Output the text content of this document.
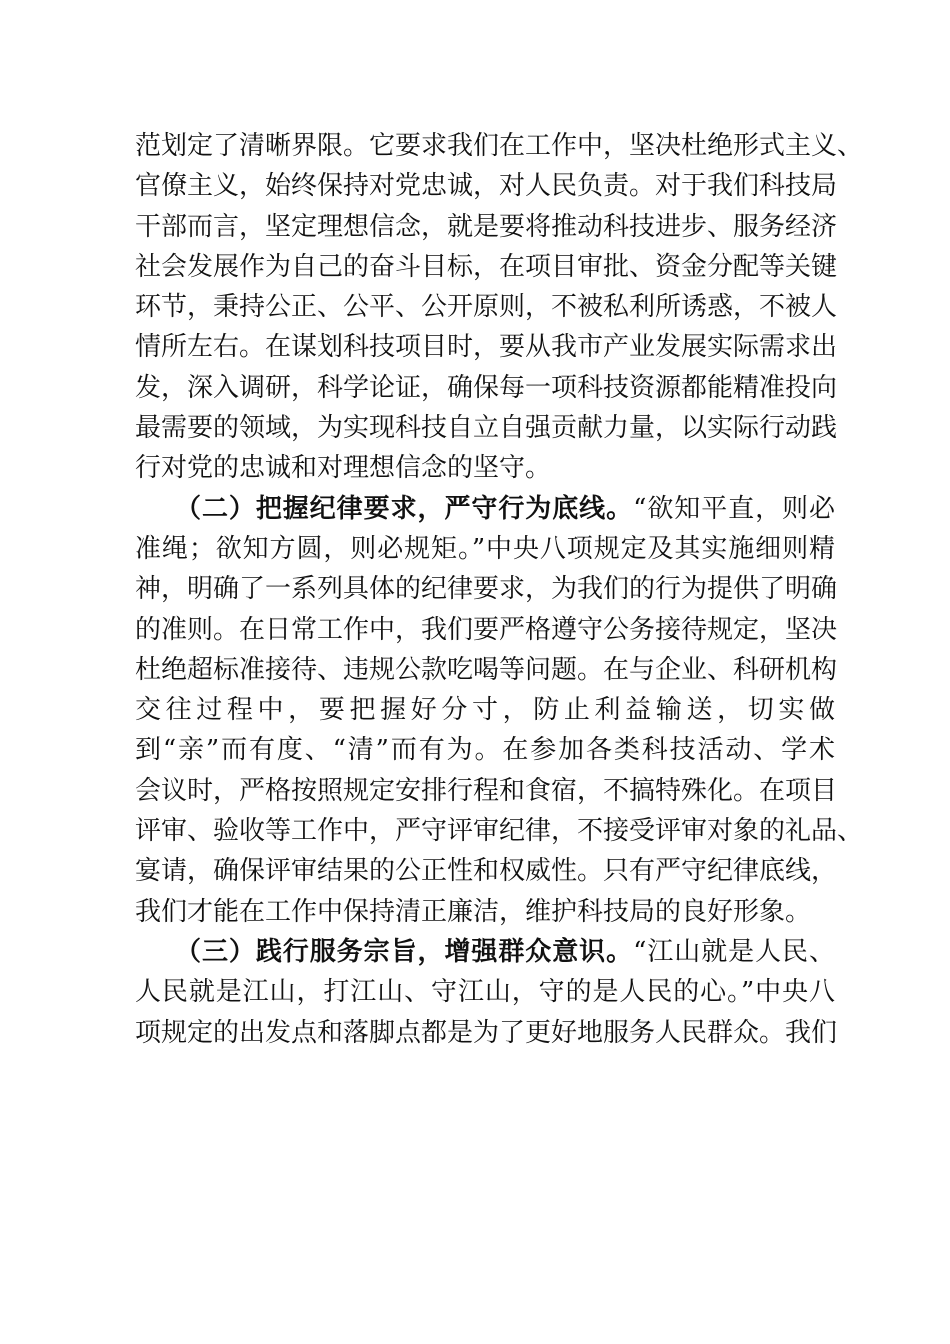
范划定了清晰界限。它要求我们在工作中，坚决杜绝形式主义、
官僚主义，始终保持对党忠诚，对人民负责。对于我们科技局
干部而言，坚定理想信念，就是要将推动科技进步、服务经济
社会发展作为自己的奋斗目标，在项目审批、资金分配等关键
环节，秉持公正、公平、公开原则，不被私利所诱惑，不被人
情所左右。在谋划科技项目时，要从我市产业发展实际需求出
发，深入调研，科学论证，确保每一项科技资源都能精准投向
最需要的领域，为实现科技自立自强贡献力量，以实际行动践
行对党的忠诚和对理想信念的坚守。
（二）把握纪律要求，严守行为底线。“欲知平直，则必
准绳；欲知方圆，则必规矩。”中央八项规定及其实施细则精
神，明确了一系列具体的纪律要求，为我们的行为提供了明确
的准则。在日常工作中，我们要严格遵守公务接待规定，坚决
杜绝超标准接待、违规公款吃喝等问题。在与企业、科研机构
交往过程中，要把握好分寸，防止利益输送，切实做
到“亲”而有度、“清”而有为。在参加各类科技活动、学术
会议时，严格按照规定安排行程和食宿，不搞特殊化。在项目
评审、验收等工作中，严守评审纪律，不接受评审对象的礼品、
宴请，确保评审结果的公正性和权威性。只有严守纪律底线，
我们才能在工作中保持清正廉洁，维护科技局的良好形象。
（三）践行服务宗旨，增强群众意识。“江山就是人民、
人民就是江山，打江山、守江山，守的是人民的心。”中央八
项规定的出发点和落脚点都是为了更好地服务人民群众。我们
